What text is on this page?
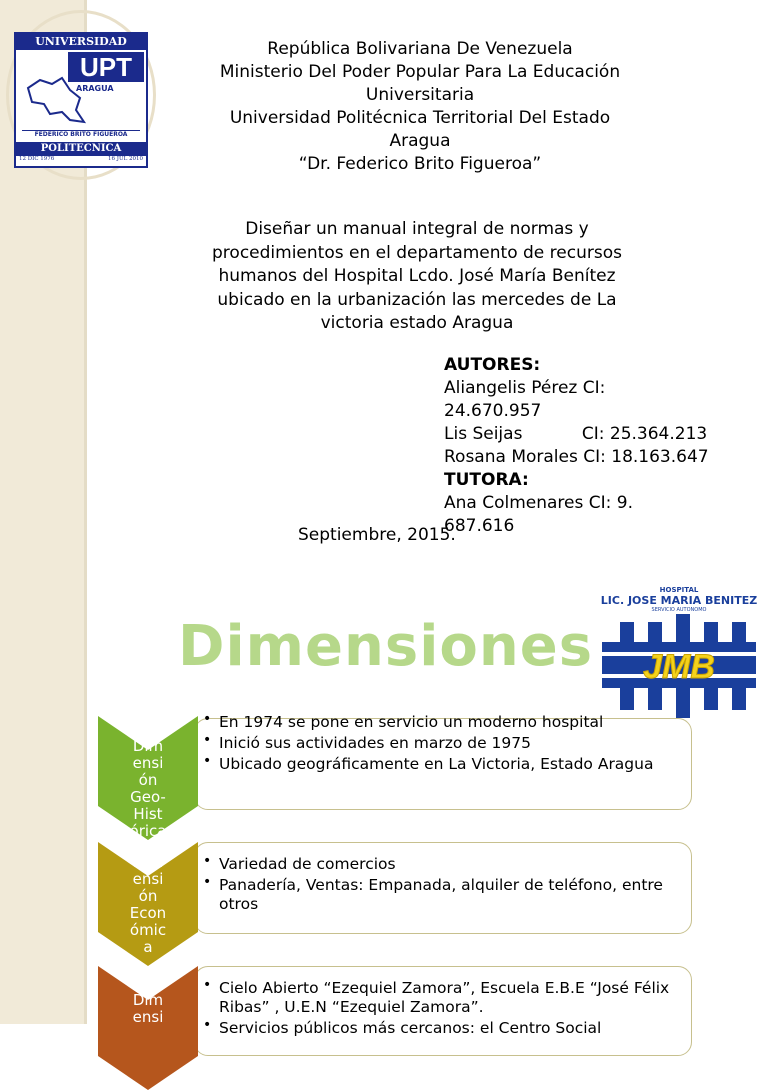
UNIVERSIDAD
UPT
ARAGUA
FEDERICO BRITO FIGUEROA
POLITECNICA
12 DIC 1976	16 JUL 2010
República Bolivariana De Venezuela
Ministerio Del Poder Popular Para La Educación
Universitaria
Universidad Politécnica Territorial Del Estado
Aragua
“Dr. Federico Brito Figueroa”
Diseñar un manual integral de normas y
procedimientos en el departamento de recursos
humanos del Hospital Lcdo. José María Benítez
ubicado en la urbanización las mercedes de La
victoria estado Aragua
AUTORES:
Aliangelis Pérez CI: 24.670.957
Lis Seijas           CI: 25.364.213
Rosana Morales CI: 18.163.647
TUTORA:
Ana Colmenares CI: 9. 687.616
Septiembre, 2015.
HOSPITAL
LIC. JOSE MARIA BENITEZ
SERVICIO AUTONOMO
JMB
Dimensiones
• En 1974 se pone en servicio un moderno hospital
• Inició sus actividades en marzo de 1975
• Ubicado geográficamente en La Victoria, Estado Aragua
Dim
ensi
ón
Geo-
Hist
órica
• Variedad de comercios
• Panadería, Ventas: Empanada, alquiler de teléfono, entre otros
Dim
ensi
ón
Econ
ómic
a
• Cielo Abierto “Ezequiel Zamora”, Escuela E.B.E “José Félix Ribas” , U.E.N “Ezequiel Zamora”.
• Servicios públicos más cercanos: el Centro Social
Dim
ensi
